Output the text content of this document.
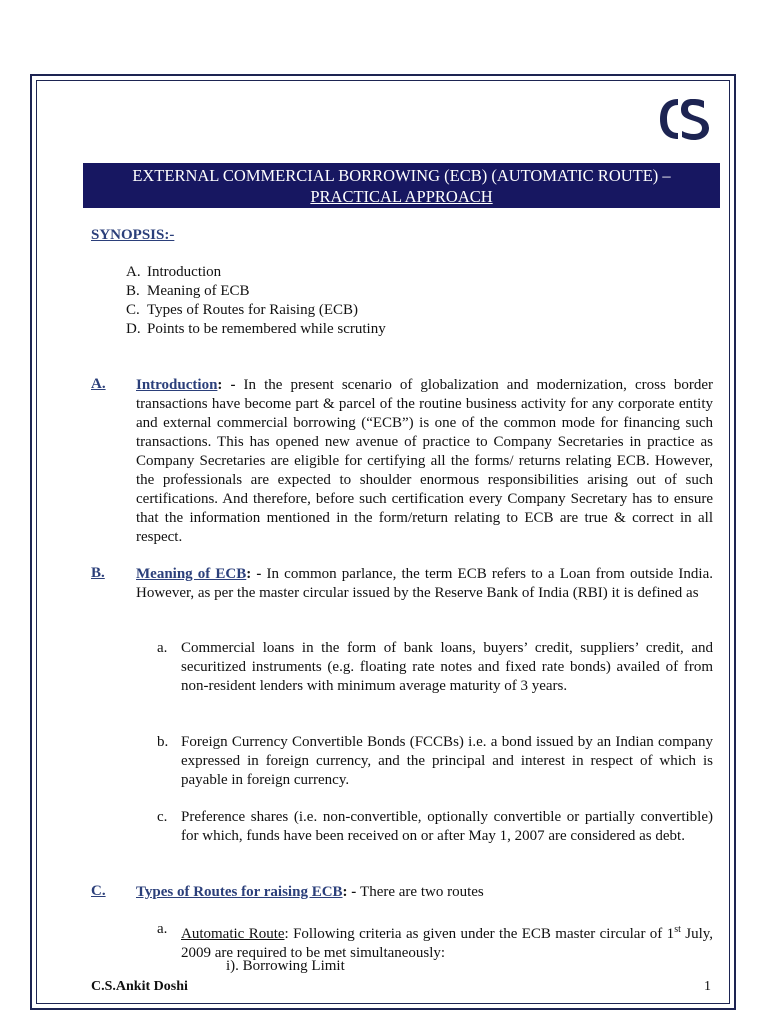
EXTERNAL COMMERCIAL BORROWING (ECB) (AUTOMATIC ROUTE) –
PRACTICAL APPROACH
SYNOPSIS:-
A. Introduction
B. Meaning of ECB
C. Types of Routes for Raising (ECB)
D. Points to be remembered while scrutiny
A. Introduction: - In the present scenario of globalization and modernization, cross border transactions have become part & parcel of the routine business activity for any corporate entity and external commercial borrowing (“ECB”) is one of the common mode for financing such transactions. This has opened new avenue of practice to Company Secretaries in practice as Company Secretaries are eligible for certifying all the forms/ returns relating ECB. However, the professionals are expected to shoulder enormous responsibilities arising out of such certifications. And therefore, before such certification every Company Secretary has to ensure that the information mentioned in the form/return relating to ECB are true & correct in all respect.

B. Meaning of ECB: - In common parlance, the term ECB refers to a Loan from outside India. However, as per the master circular issued by the Reserve Bank of India (RBI) it is defined as

a. Commercial loans in the form of bank loans, buyers’ credit, suppliers’ credit, and securitized instruments (e.g. floating rate notes and fixed rate bonds) availed of from non-resident lenders with minimum average maturity of 3 years.

b. Foreign Currency Convertible Bonds (FCCBs) i.e. a bond issued by an Indian company expressed in foreign currency, and the principal and interest in respect of which is payable in foreign currency.

c. Preference shares (i.e. non-convertible, optionally convertible or partially convertible) for which, funds have been received on or after May 1, 2007 are considered as debt.

C. Types of Routes for raising ECB: - There are two routes

a. Automatic Route: Following criteria as given under the ECB master circular of 1st July, 2009 are required to be met simultaneously:

i). Borrowing Limit
C.S.Ankit Doshi	1
